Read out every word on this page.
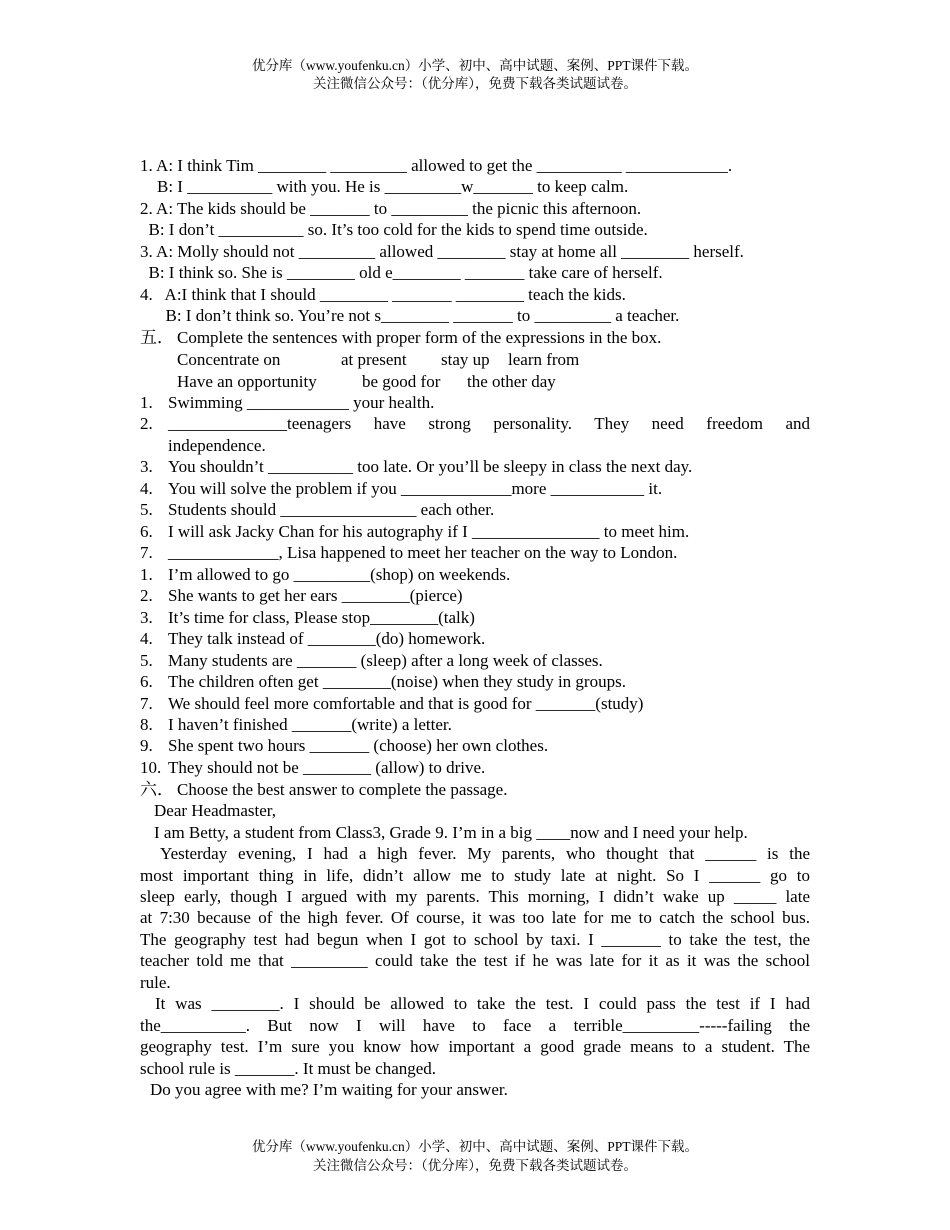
优分库（www.youfenku.cn）小学、初中、高中试题、案例、PPT课件下载。
关注微信公众号：（优分库），免费下载各类试题试卷。
1. A: I think Tim ________ _________ allowed to get the __________ ____________.
B: I __________ with you. He is _________w_______ to keep calm.
2. A: The kids should be _______ to _________ the picnic this afternoon.
B: I don’t __________ so. It’s too cold for the kids to spend time outside.
3. A: Molly should not _________ allowed ________ stay at home all ________ herself.
B: I think so. She is ________ old e________ _______ take care of herself.
4.   A:I think that I should ________ _______ ________ teach the kids.
B: I don’t think so. You’re not s________ _______ to _________ a teacher.
五． Complete the sentences with proper form of the expressions in the box.
Concentrate on	at present stay up learn from
Have an opportunity	be good for the other day
1. Swimming ____________ your health.
2. ______________teenagers have strong personality. They need freedom and
independence.
3. You shouldn’t __________ too late. Or you’ll be sleepy in class the next day.
4. You will solve the problem if you _____________more ___________ it.
5. Students should ________________ each other.
6. I will ask Jacky Chan for his autography if I _______________ to meet him.
7. _____________, Lisa happened to meet her teacher on the way to London.
1. I’m allowed to go _________(shop) on weekends.
2. She wants to get her ears ________(pierce)
3. It’s time for class, Please stop________(talk)
4. They talk instead of ________(do) homework.
5. Many students are _______ (sleep) after a long week of classes.
6. The children often get ________(noise) when they study in groups.
7. We should feel more comfortable and that is good for _______(study)
8. I haven’t finished _______(write) a letter.
9. She spent two hours _______ (choose) her own clothes.
10. They should not be ________ (allow) to drive.
六． Choose the best answer to complete the passage.
Dear Headmaster,
I am Betty, a student from Class3, Grade 9. I’m in a big ____now and I need your help.
Yesterday evening, I had a high fever. My parents, who thought that ______ is the
most important thing in life, didn’t allow me to study late at night. So I ______ go to
sleep early, though I argued with my parents. This morning, I didn’t wake up _____ late
at 7:30 because of the high fever. Of course, it was too late for me to catch the school bus.
The geography test had begun when I got to school by taxi. I _______ to take the test, the
teacher told me that _________ could take the test if he was late for it as it was the school
rule.
It was ________. I should be allowed to take the test. I could pass the test if I had
the__________. But now I will have to face a terrible_________-----failing the
geography test. I’m sure you know how important a good grade means to a student. The
school rule is _______. It must be changed.
Do you agree with me? I’m waiting for your answer.
优分库（www.youfenku.cn）小学、初中、高中试题、案例、PPT课件下载。
关注微信公众号：（优分库），免费下载各类试题试卷。
